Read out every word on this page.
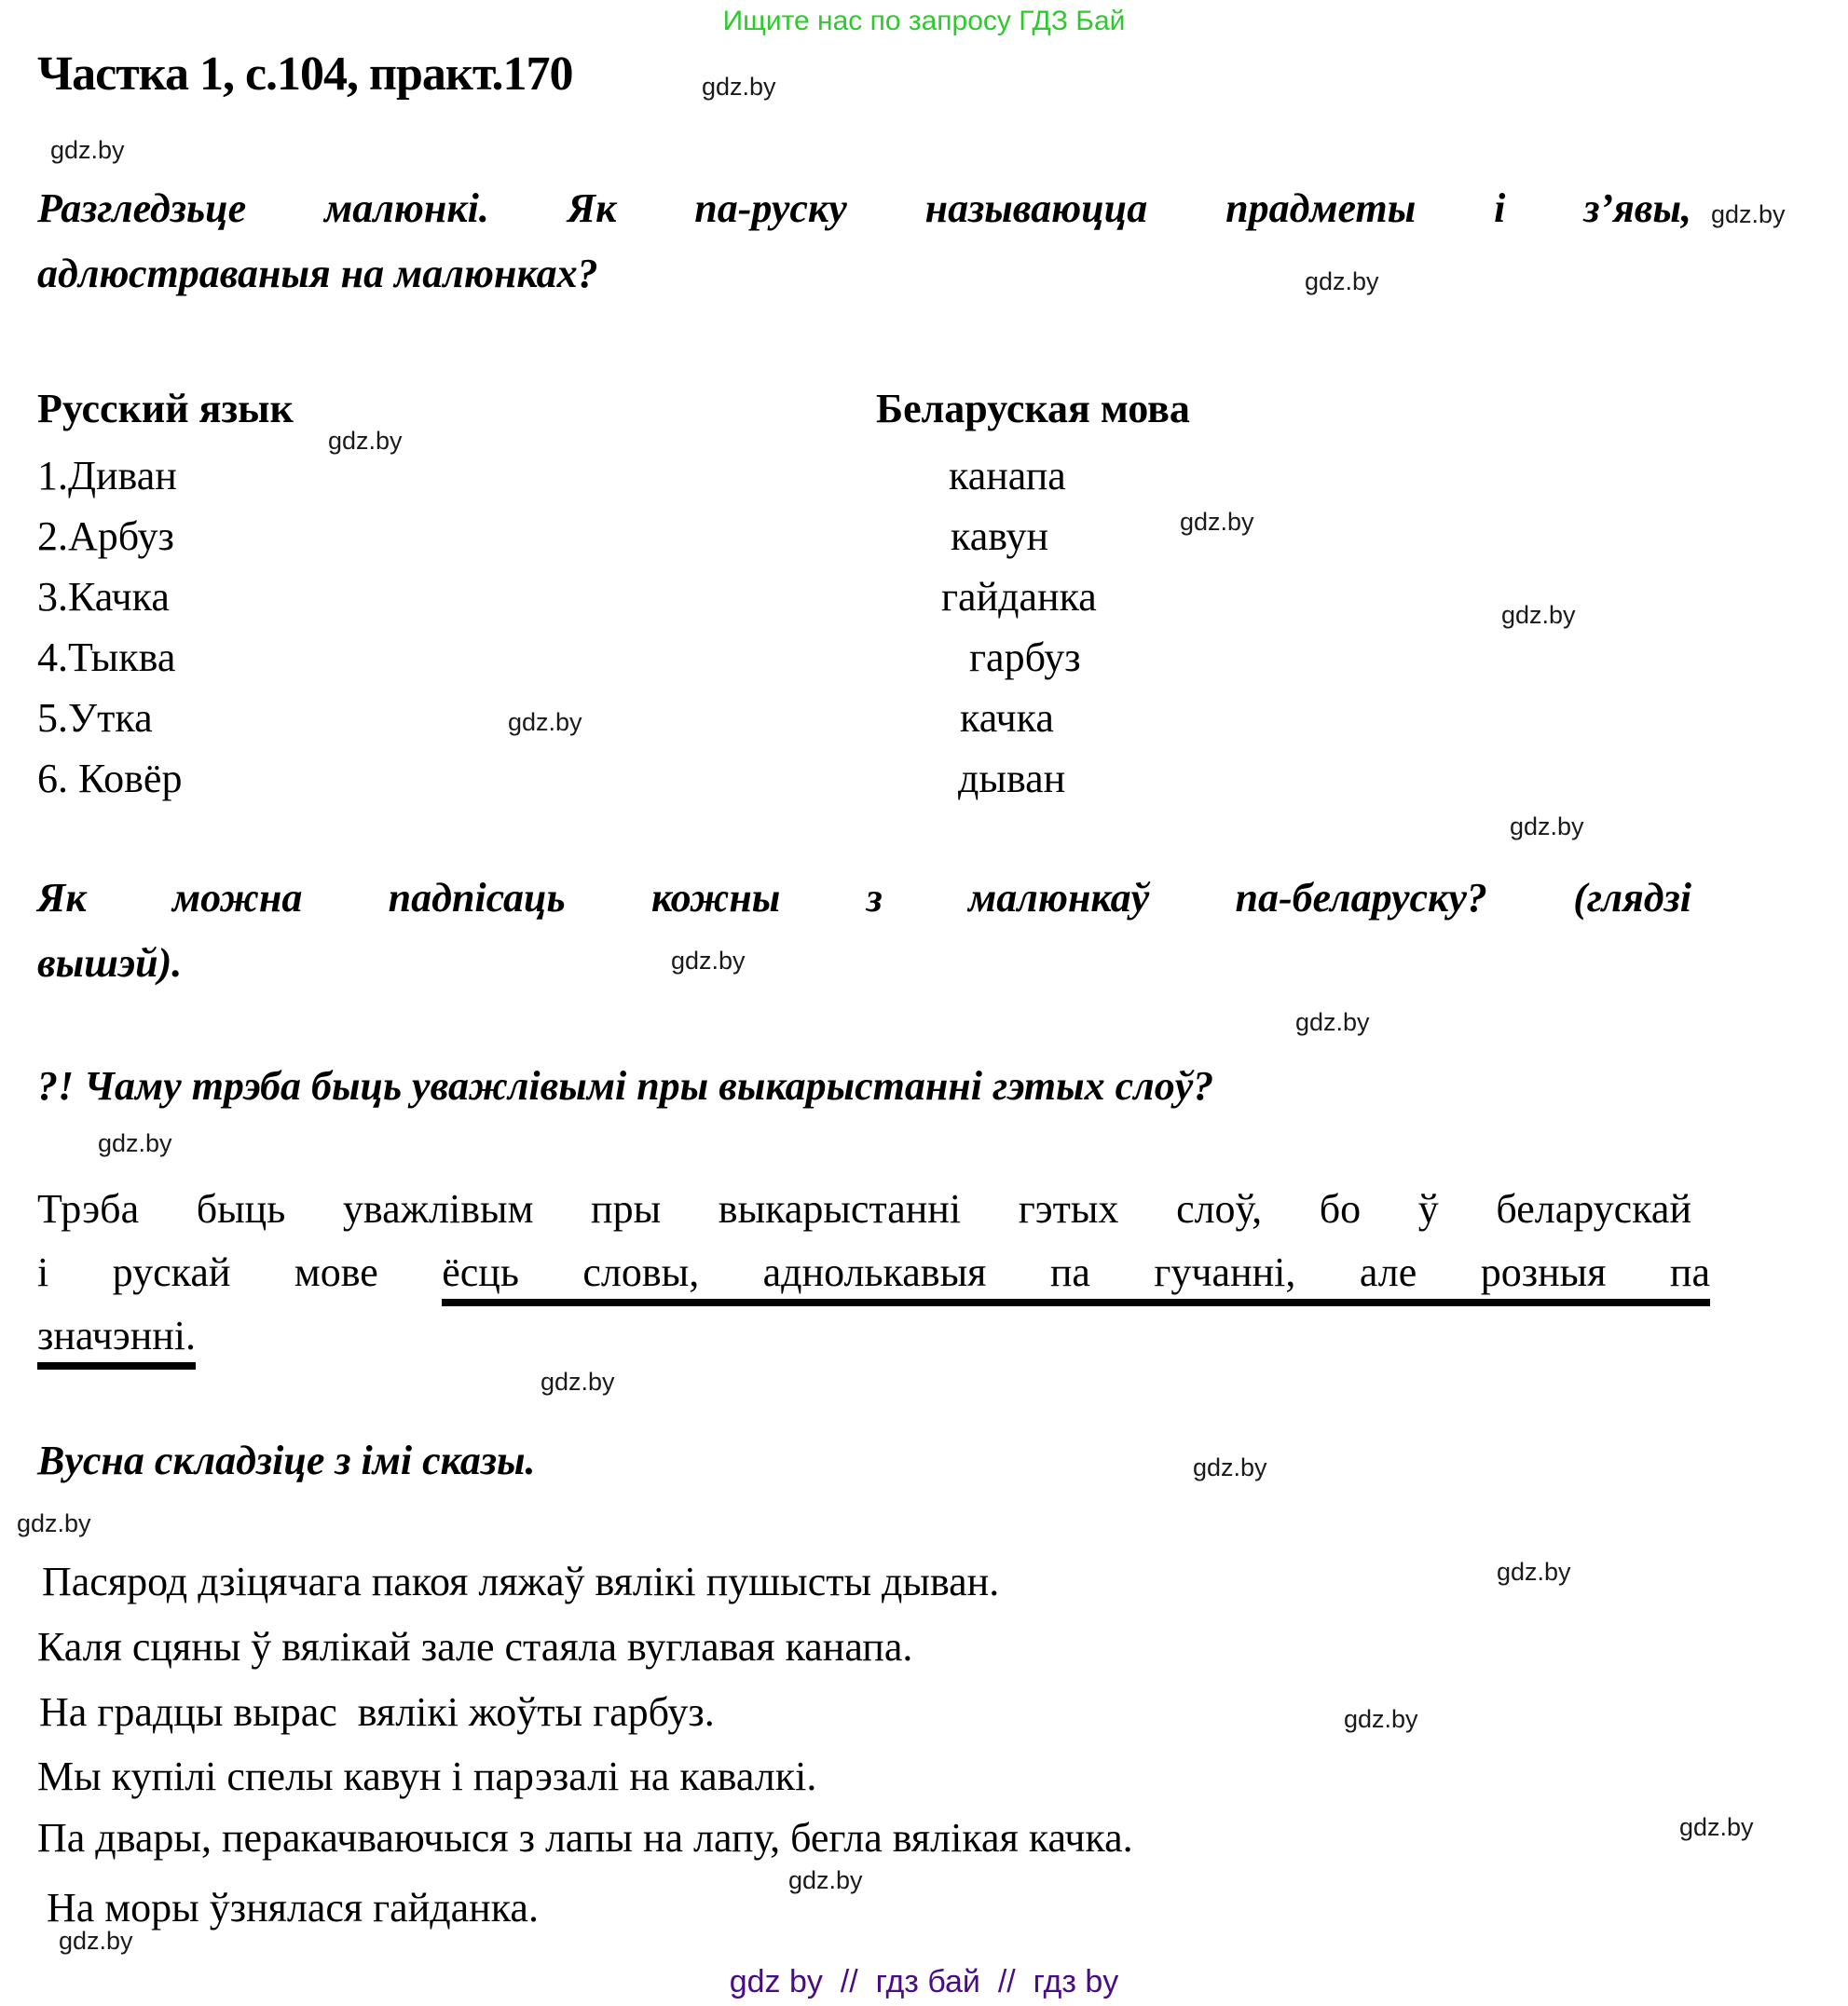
Ищите нас по запросу ГДЗ Бай
Частка 1, с.104, практ.170
Разгледзьце малюнкі. Як па-руску называюцца прадметы і з’явы,
адлюстраваныя на малюнках?
Русский язык	Беларуская мова
1.Диван	канапа
2.Арбуз	кавун
3.Качка	гайданка
4.Тыква	гарбуз
5.Утка	качка
6. Ковёр	дыван
Як можна падпісаць кожны з малюнкаў па-беларуску? (глядзі
вышэй).
?! Чаму трэба быць уважлівымі пры выкарыстанні гэтых слоў?
Трэба быць уважлівым пры выкарыстанні гэтых слоў, бо ў беларускай
і рускай мове ёсць словы, аднолькавыя па гучанні, але розныя па
значэнні.
Вусна складзіце з імі сказы.
Пасярод дзіцячага пакоя ляжаў вялікі пушысты дыван.
Каля сцяны ў вялікай зале стаяла вуглавая канапа.
На градцы вырас  вялікі жоўты гарбуз.
Мы купілі спелы кавун і парэзалі на кавалкі.
Па двары, перакачваючыся з лапы на лапу, бегла вялікая качка.
На моры ўзнялася гайданка.
gdz.by
gdz.by
gdz.by
gdz.by
gdz.by
gdz.by
gdz.by
gdz.by
gdz.by
gdz.by
gdz.by
gdz.by
gdz.by
gdz.by
gdz.by
gdz.by
gdz.by
gdz.by
gdz.by
gdz.by
gdz by  //  гдз бай  //  гдз by
